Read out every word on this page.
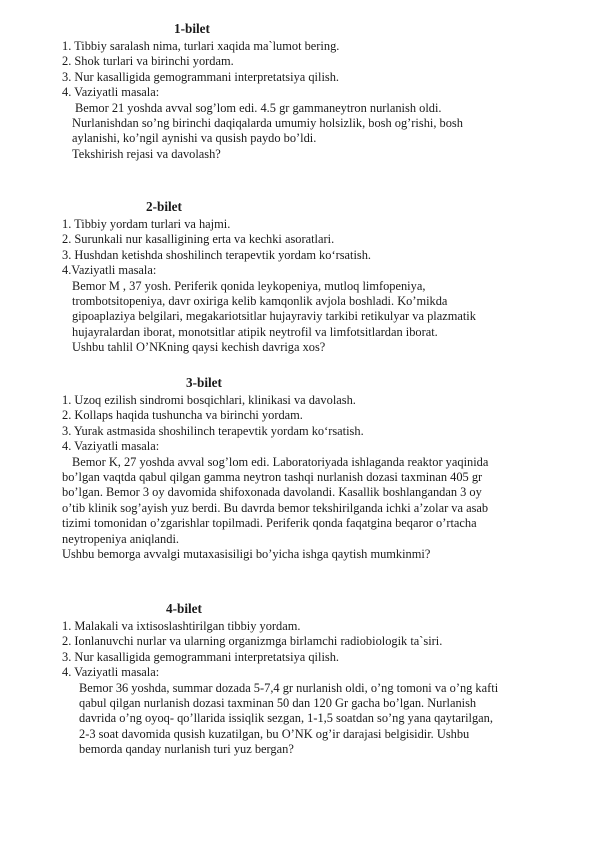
1-bilet
1. Tibbiy saralash nima, turlari xaqida ma`lumot bering.
2. Shok turlari va birinchi yordam.
3. Nur kasalligida gemogrammani interpretatsiya qilish.
4. Vaziyatli masala:
Bemor 21 yoshda avval sog’lom edi. 4.5 gr gammaneytron nurlanish oldi.
Nurlanishdan so’ng birinchi daqiqalarda umumiy holsizlik, bosh og’rishi, bosh
aylanishi, ko’ngil aynishi va qusish paydo bo’ldi.
Tekshirish rejasi va davolash?
2-bilet
1. Tibbiy yordam turlari va hajmi.
2. Surunkali nur kasalligining erta va kechki asoratlari.
3. Hushdan ketishda shoshilinch terapevtik yordam ko‘rsatish.
4.Vaziyatli masala:
Bemor M , 37 yosh. Periferik qonida leykopeniya, mutloq limfopeniya,
trombotsitopeniya, davr oxiriga kelib kamqonlik avjola boshladi. Ko’mikda
gipoaplaziya belgilari, megakariotsitlar hujayraviy tarkibi retikulyar va plazmatik
hujayralardan iborat, monotsitlar atipik neytrofil va limfotsitlardan iborat.
Ushbu tahlil O’NKning qaysi kechish davriga xos?
3-bilet
1. Uzoq ezilish sindromi bosqichlari, klinikasi va davolash.
2. Kollaps haqida tushuncha va birinchi yordam.
3. Yurak astmasida shoshilinch terapevtik yordam ko‘rsatish.
4. Vaziyatli masala:
Bemor K, 27 yoshda avval sog’lom edi. Laboratoriyada ishlaganda reaktor yaqinida
bo’lgan vaqtda qabul qilgan gamma neytron tashqi nurlanish dozasi taxminan 405 gr
bo’lgan. Bemor 3 oy davomida shifoxonada davolandi. Kasallik boshlangandan 3 oy
o’tib klinik sog’ayish yuz berdi. Bu davrda bemor tekshirilganda ichki a’zolar va asab
tizimi tomonidan o’zgarishlar topilmadi. Periferik qonda faqatgina beqaror o’rtacha
neytropeniya aniqlandi.
Ushbu bemorga avvalgi mutaxasisiligi bo’yicha ishga qaytish mumkinmi?
4-bilet
1. Malakali va ixtisoslashtirilgan tibbiy yordam.
2. Ionlanuvchi nurlar va ularning organizmga birlamchi radiobiologik ta`siri.
3. Nur kasalligida gemogrammani interpretatsiya qilish.
4. Vaziyatli masala:
Bemor 36 yoshda, summar dozada 5-7,4 gr nurlanish oldi, o’ng tomoni va o’ng kafti
qabul qilgan nurlanish dozasi taxminan 50 dan 120 Gr gacha bo’lgan. Nurlanish
davrida o’ng oyoq- qo’llarida issiqlik sezgan, 1-1,5 soatdan so’ng yana qaytarilgan,
2-3 soat davomida qusish kuzatilgan, bu O’NK og’ir darajasi belgisidir. Ushbu
bemorda qanday nurlanish turi yuz bergan?
